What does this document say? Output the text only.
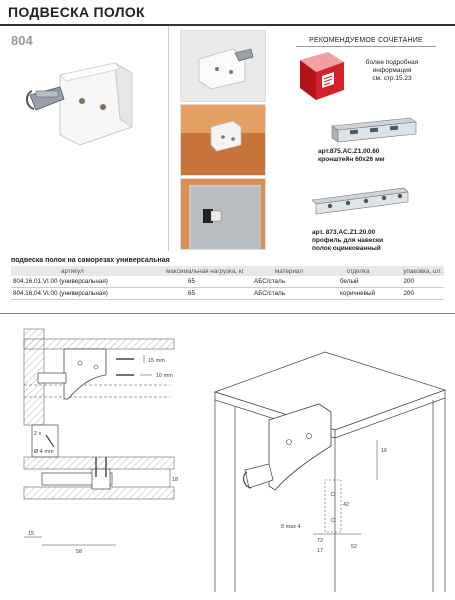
ПОДВЕСКА ПОЛОК
804	РЕКОМЕНДУЕМОЕ СОЧЕТАНИЕ
более подробная
информация
см. стр.15.23
арт.875.AC.Z1.00.60
кронштейн 60x26 мм
арт. 873.AC.Z1.20.00
профиль для навески
полок оцинкованный
подвеска полок на саморезах универсальная
артикул	максимальная нагрузка, кг	материал	отделка	упаковка, шт.
804.16.01.VI.00 (универсальная)	65	АБС/сталь	белый	200
804.16.04.VI.00 (универсальная)	65	АБС/сталь	коричневый	200
15 mm
10 mm
2 x
Ø 4 mm
18
15
58
16
42
72
52
17
8 max 4
